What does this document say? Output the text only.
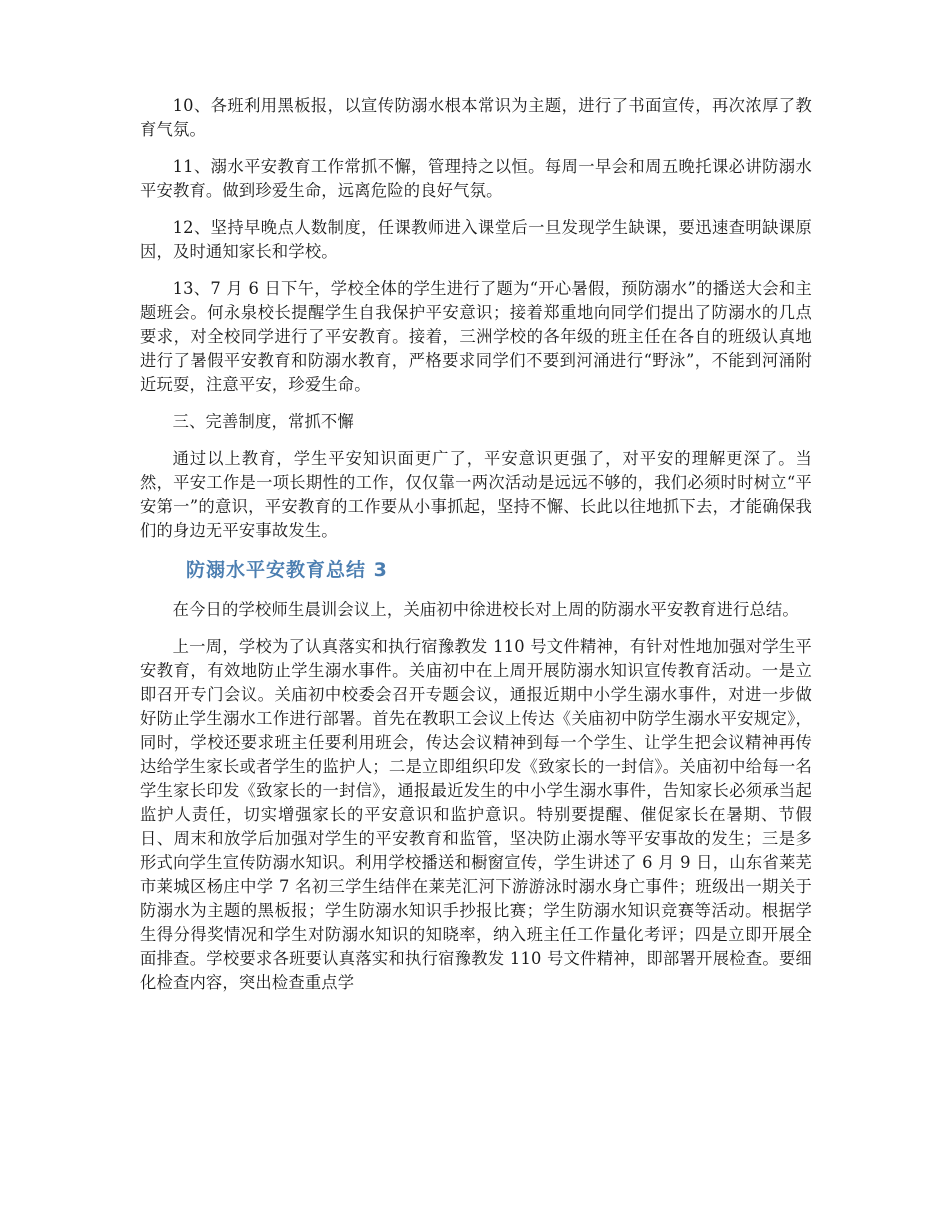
10、各班利用黑板报，以宣传防溺水根本常识为主题，进行了书面宣传，再次浓厚了教育气氛。

11、溺水平安教育工作常抓不懈，管理持之以恒。每周一早会和周五晚托课必讲防溺水平安教育。做到珍爱生命，远离危险的良好气氛。

12、坚持早晚点人数制度，任课教师进入课堂后一旦发现学生缺课，要迅速查明缺课原因，及时通知家长和学校。

13、7 月 6 日下午，学校全体的学生进行了题为“开心暑假，预防溺水”的播送大会和主题班会。何永泉校长提醒学生自我保护平安意识；接着郑重地向同学们提出了防溺水的几点要求，对全校同学进行了平安教育。接着，三洲学校的各年级的班主任在各自的班级认真地进行了暑假平安教育和防溺水教育，严格要求同学们不要到河涌进行“野泳”，不能到河涌附近玩耍，注意平安，珍爱生命。

三、完善制度，常抓不懈

通过以上教育，学生平安知识面更广了，平安意识更强了，对平安的理解更深了。当然，平安工作是一项长期性的工作，仅仅靠一两次活动是远远不够的，我们必须时时树立“平安第一”的意识，平安教育的工作要从小事抓起，坚持不懈、长此以往地抓下去，才能确保我们的身边无平安事故发生。

防溺水平安教育总结 3

在今日的学校师生晨训会议上，关庙初中徐进校长对上周的防溺水平安教育进行总结。

上一周，学校为了认真落实和执行宿豫教发 110 号文件精神，有针对性地加强对学生平安教育，有效地防止学生溺水事件。关庙初中在上周开展防溺水知识宣传教育活动。一是立即召开专门会议。关庙初中校委会召开专题会议，通报近期中小学生溺水事件，对进一步做好防止学生溺水工作进行部署。首先在教职工会议上传达《关庙初中防学生溺水平安规定》，同时，学校还要求班主任要利用班会，传达会议精神到每一个学生、让学生把会议精神再传达给学生家长或者学生的监护人；二是立即组织印发《致家长的一封信》。关庙初中给每一名学生家长印发《致家长的一封信》，通报最近发生的中小学生溺水事件，告知家长必须承当起监护人责任，切实增强家长的平安意识和监护意识。特别要提醒、催促家长在暑期、节假日、周末和放学后加强对学生的平安教育和监管，坚决防止溺水等平安事故的发生；三是多形式向学生宣传防溺水知识。利用学校播送和橱窗宣传，学生讲述了 6 月 9 日，山东省莱芜市莱城区杨庄中学 7 名初三学生结伴在莱芜汇河下游游泳时溺水身亡事件；班级出一期关于防溺水为主题的黑板报；学生防溺水知识手抄报比赛；学生防溺水知识竞赛等活动。根据学生得分得奖情况和学生对防溺水知识的知晓率，纳入班主任工作量化考评；四是立即开展全面排查。学校要求各班要认真落实和执行宿豫教发 110 号文件精神，即部署开展检查。要细化检查内容，突出检查重点学
